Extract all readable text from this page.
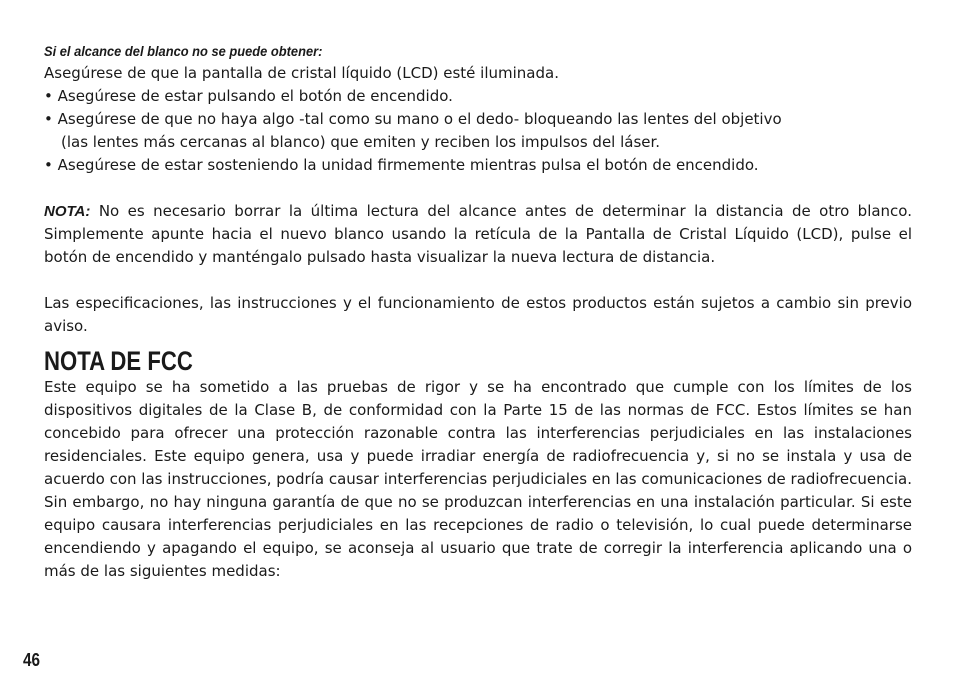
Si el alcance del blanco no se puede obtener:

Asegúrese de que la pantalla de cristal líquido (LCD) esté iluminada.

• Asegúrese de estar pulsando el botón de encendido.

• Asegúrese de que no haya algo -tal como su mano o el dedo- bloqueando las lentes del objetivo

(las lentes más cercanas al blanco) que emiten y reciben los impulsos del láser.

• Asegúrese de estar sosteniendo la unidad firmemente mientras pulsa el botón de encendido.

NOTA: No es necesario borrar la última lectura del alcance antes de determinar la distancia de otro blanco. Simplemente apunte hacia el nuevo blanco usando la retícula de la Pantalla de Cristal Líquido (LCD), pulse el botón de encendido y manténgalo pulsado hasta visualizar la nueva lectura de distancia.

Las especificaciones, las instrucciones y el funcionamiento de estos productos están sujetos a cambio sin previo aviso.

NOTA DE FCC

Este equipo se ha sometido a las pruebas de rigor y se ha encontrado que cumple con los límites de los dispositivos digitales de la Clase B, de conformidad con la Parte 15 de las normas de FCC. Estos límites se han concebido para ofrecer una protección razonable contra las interferencias perjudiciales en las instalaciones residenciales. Este equipo genera, usa y puede irradiar energía de radiofrecuencia y, si no se instala y usa de acuerdo con las instrucciones, podría causar interferencias perjudiciales en las comunicaciones de radiofrecuencia. Sin embargo, no hay ninguna garantía de que no se produzcan interferencias en una instalación particular. Si este equipo causara interferencias perjudiciales en las recepciones de radio o televisión, lo cual puede determinarse encendiendo y apagando el equipo, se aconseja al usuario que trate de corregir la interferencia aplicando una o más de las siguientes medidas:

46
